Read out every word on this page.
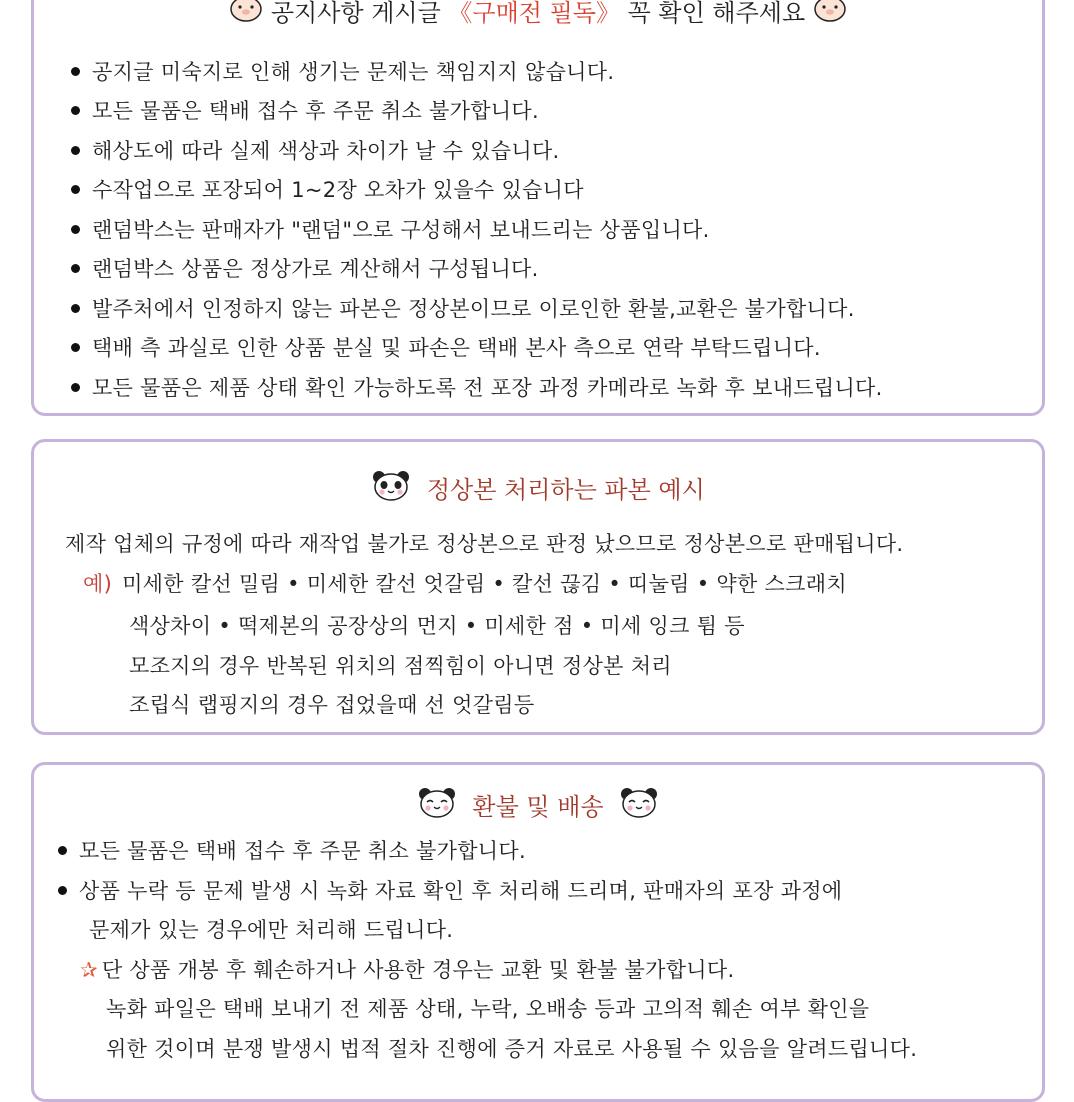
공지사항 게시글 《구매전 필독》 꼭 확인 해주세요
공지글 미숙지로 인해 생기는 문제는 책임지지 않습니다.
모든 물품은 택배 접수 후 주문 취소 불가합니다.
해상도에 따라 실제 색상과 차이가 날 수 있습니다.
수작업으로 포장되어 1~2장 오차가 있을수 있습니다
랜덤박스는 판매자가 "랜덤"으로 구성해서 보내드리는 상품입니다.
랜덤박스 상품은 정상가로 계산해서 구성됩니다.
발주처에서 인정하지 않는 파본은 정상본이므로 이로인한 환불,교환은 불가합니다.
택배 측 과실로 인한 상품 분실 및 파손은 택배 본사 측으로 연락 부탁드립니다.
모든 물품은 제품 상태 확인 가능하도록 전 포장 과정 카메라로 녹화 후 보내드립니다.
정상본 처리하는 파본 예시
제작 업체의 규정에 따라 재작업 불가로 정상본으로 판정 났으므로 정상본으로 판매됩니다.
예) 미세한 칼선 밀림 • 미세한 칼선 엇갈림 • 칼선 끊김 • 띠눌림 • 약한 스크래치
색상차이 • 떡제본의 공장상의 먼지 • 미세한 점 • 미세 잉크 튐 등
모조지의 경우 반복된 위치의 점찍힘이 아니면 정상본 처리
조립식 랩핑지의 경우 접었을때 선 엇갈림등
환불 및 배송
모든 물품은 택배 접수 후 주문 취소 불가합니다.
상품 누락 등 문제 발생 시 녹화 자료 확인 후 처리해 드리며, 판매자의 포장 과정에
문제가 있는 경우에만 처리해 드립니다.
✰ 단 상품 개봉 후 훼손하거나 사용한 경우는 교환 및 환불 불가합니다.
녹화 파일은 택배 보내기 전 제품 상태, 누락, 오배송 등과 고의적 훼손 여부 확인을
위한 것이며 분쟁 발생시 법적 절차 진행에 증거 자료로 사용될 수 있음을 알려드립니다.
